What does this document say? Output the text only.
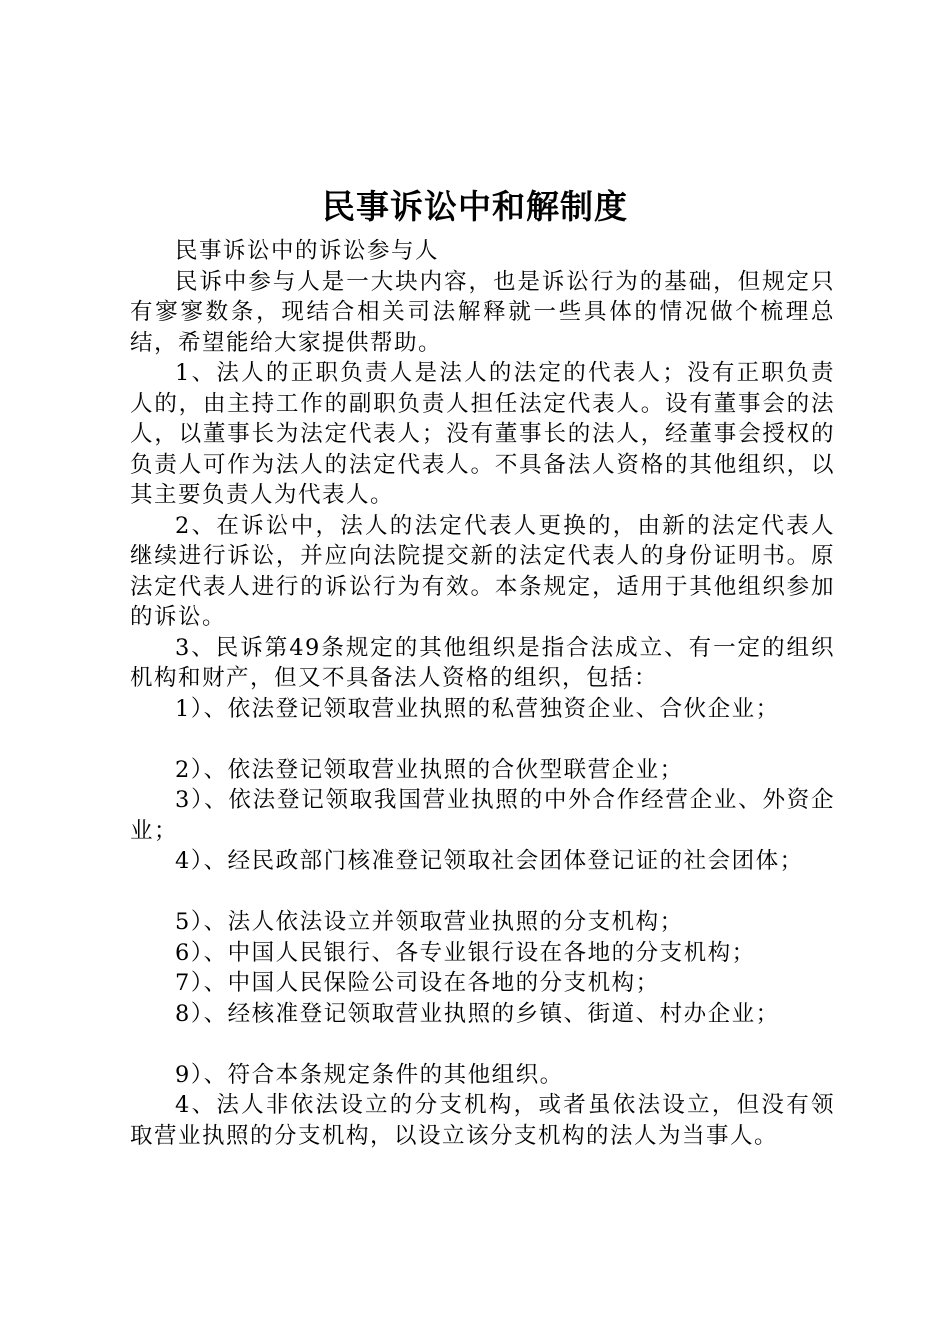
民事诉讼中和解制度

民事诉讼中的诉讼参与人

民诉中参与人是一大块内容，也是诉讼行为的基础，但规定只有寥寥数条，现结合相关司法解释就一些具体的情况做个梳理总结，希望能给大家提供帮助。

1、法人的正职负责人是法人的法定的代表人；没有正职负责人的，由主持工作的副职负责人担任法定代表人。设有董事会的法人，以董事长为法定代表人；没有董事长的法人，经董事会授权的负责人可作为法人的法定代表人。不具备法人资格的其他组织，以其主要负责人为代表人。

2、在诉讼中，法人的法定代表人更换的，由新的法定代表人继续进行诉讼，并应向法院提交新的法定代表人的身份证明书。原法定代表人进行的诉讼行为有效。本条规定，适用于其他组织参加的诉讼。

3、民诉第49条规定的其他组织是指合法成立、有一定的组织机构和财产，但又不具备法人资格的组织，包括：

1）、依法登记领取营业执照的私营独资企业、合伙企业；

2）、依法登记领取营业执照的合伙型联营企业；

3）、依法登记领取我国营业执照的中外合作经营企业、外资企业；

4）、经民政部门核准登记领取社会团体登记证的社会团体；

5）、法人依法设立并领取营业执照的分支机构；

6）、中国人民银行、各专业银行设在各地的分支机构；

7）、中国人民保险公司设在各地的分支机构；

8）、经核准登记领取营业执照的乡镇、街道、村办企业；

9）、符合本条规定条件的其他组织。

4、法人非依法设立的分支机构，或者虽依法设立，但没有领取营业执照的分支机构，以设立该分支机构的法人为当事人。
